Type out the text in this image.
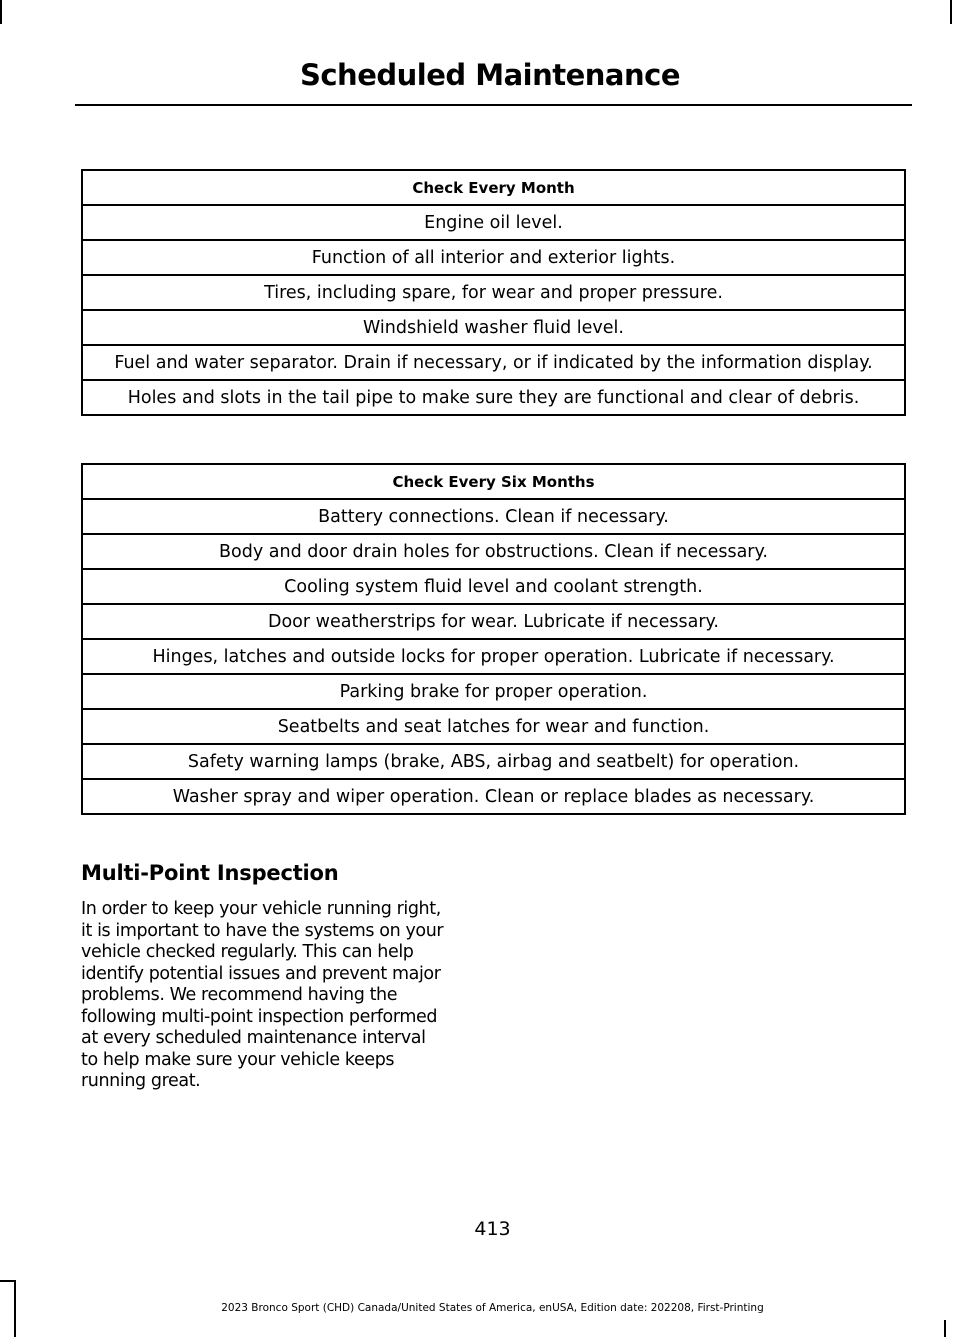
Scheduled Maintenance
Check Every Month
Engine oil level.
Function of all interior and exterior lights.
Tires, including spare, for wear and proper pressure.
Windshield washer fluid level.
Fuel and water separator. Drain if necessary, or if indicated by the information display.
Holes and slots in the tail pipe to make sure they are functional and clear of debris.
Check Every Six Months
Battery connections. Clean if necessary.
Body and door drain holes for obstructions. Clean if necessary.
Cooling system fluid level and coolant strength.
Door weatherstrips for wear. Lubricate if necessary.
Hinges, latches and outside locks for proper operation. Lubricate if necessary.
Parking brake for proper operation.
Seatbelts and seat latches for wear and function.
Safety warning lamps (brake, ABS, airbag and seatbelt) for operation.
Washer spray and wiper operation. Clean or replace blades as necessary.
Multi-Point Inspection
In order to keep your vehicle running right,
it is important to have the systems on your
vehicle checked regularly. This can help
identify potential issues and prevent major
problems. We recommend having the
following multi-point inspection performed
at every scheduled maintenance interval
to help make sure your vehicle keeps
running great.
413
2023 Bronco Sport (CHD) Canada/United States of America, enUSA, Edition date: 202208, First-Printing
